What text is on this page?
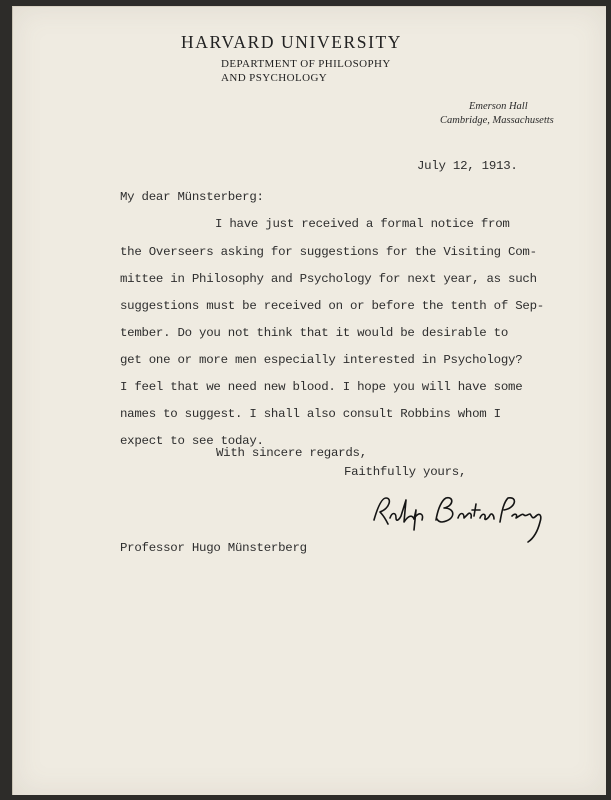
HARVARD UNIVERSITY
DEPARTMENT OF PHILOSOPHY
AND PSYCHOLOGY
Emerson Hall
Cambridge, Massachusetts
July 12, 1913.
My dear Münsterberg:
I have just received a formal notice from
the Overseers asking for suggestions for the Visiting Com-
mittee in Philosophy and Psychology for next year, as such
suggestions must be received on or before the tenth of Sep-
tember. Do you not think that it would be desirable to
get one or more men especially interested in Psychology?
I feel that we need new blood. I hope you will have some
names to suggest. I shall also consult Robbins whom I
expect to see today.
With sincere regards,
Faithfully yours,
Professor Hugo Münsterberg
